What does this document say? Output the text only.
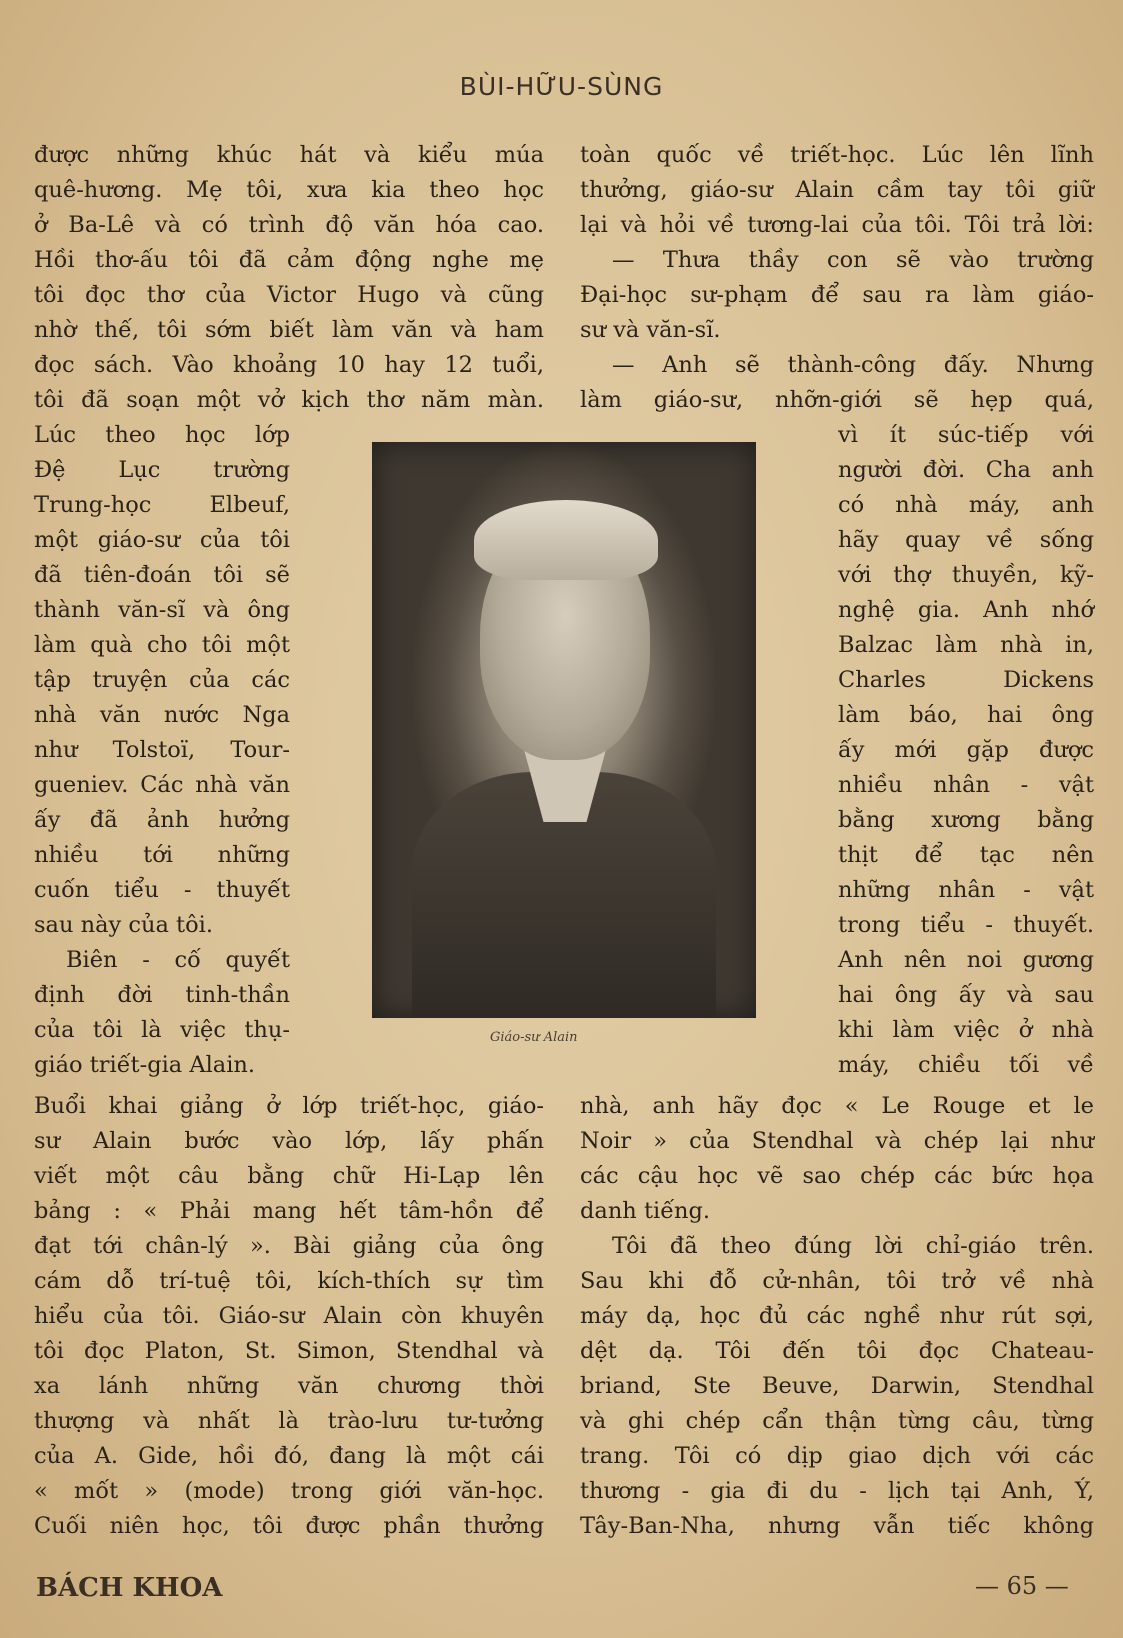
BÙI-HỮU-SÙNG

được những khúc hát và kiểu múa

quê-hương. Mẹ tôi, xưa kia theo học

ở Ba-Lê và có trình độ văn hóa cao.

Hồi thơ-ấu tôi đã cảm động nghe mẹ

tôi đọc thơ của Victor Hugo và cũng

nhờ thế, tôi sớm biết làm văn và ham

đọc sách. Vào khoảng 10 hay 12 tuổi,

tôi đã soạn một vở kịch thơ năm màn.

Lúc theo học lớp

Đệ Lục trường

Trung-học Elbeuf,

một giáo-sư của tôi

đã tiên-đoán tôi sẽ

thành văn-sĩ và ông

làm quà cho tôi một

tập truyện của các

nhà văn nước Nga

như Tolstoï, Tour-

gueniev. Các nhà văn

ấy đã ảnh hưởng

nhiều tới những

cuốn tiểu - thuyết

sau này của tôi.

Biên - cố quyết

định đời tinh-thần

của tôi là việc thụ-

giáo triết-gia Alain.

Giáo-sư Alain

Buổi khai giảng ở lớp triết-học, giáo-

sư Alain bước vào lớp, lấy phấn

viết một câu bằng chữ Hi-Lạp lên

bảng : « Phải mang hết tâm-hồn để

đạt tới chân-lý ». Bài giảng của ông

cám dỗ trí-tuệ tôi, kích-thích sự tìm

hiểu của tôi. Giáo-sư Alain còn khuyên

tôi đọc Platon, St. Simon, Stendhal và

xa lánh những văn chương thời

thượng và nhất là trào-lưu tư-tưởng

của A. Gide, hồi đó, đang là một cái

« mốt » (mode) trong giới văn-học.

Cuối niên học, tôi được phần thưởng

toàn quốc về triết-học. Lúc lên lĩnh

thưởng, giáo-sư Alain cầm tay tôi giữ

lại và hỏi về tương-lai của tôi. Tôi trả lời:

— Thưa thầy con sẽ vào trường

Đại-học sư-phạm để sau ra làm giáo-

sư và văn-sĩ.

— Anh sẽ thành-công đấy. Nhưng

làm giáo-sư, nhỡn-giới sẽ hẹp quá,

vì ít súc-tiếp với

người đời. Cha anh

có nhà máy, anh

hãy quay về sống

với thợ thuyền, kỹ-

nghệ gia. Anh nhớ

Balzac làm nhà in,

Charles Dickens

làm báo, hai ông

ấy mới gặp được

nhiều nhân - vật

bằng xương bằng

thịt để tạc nên

những nhân - vật

trong tiểu - thuyết.

Anh nên noi gương

hai ông ấy và sau

khi làm việc ở nhà

máy, chiều tối về

nhà, anh hãy đọc « Le Rouge et le

Noir » của Stendhal và chép lại như

các cậu học vẽ sao chép các bức họa

danh tiếng.

Tôi đã theo đúng lời chỉ-giáo trên.

Sau khi đỗ cử-nhân, tôi trở về nhà

máy dạ, học đủ các nghề như rút sợi,

dệt dạ. Tôi đến tôi đọc Chateau-

briand, Ste Beuve, Darwin, Stendhal

và ghi chép cẩn thận từng câu, từng

trang. Tôi có dịp giao dịch với các

thương - gia đi du - lịch tại Anh, Ý,

Tây-Ban-Nha, nhưng vẫn tiếc không

BÁCH KHOA	— 65 —
